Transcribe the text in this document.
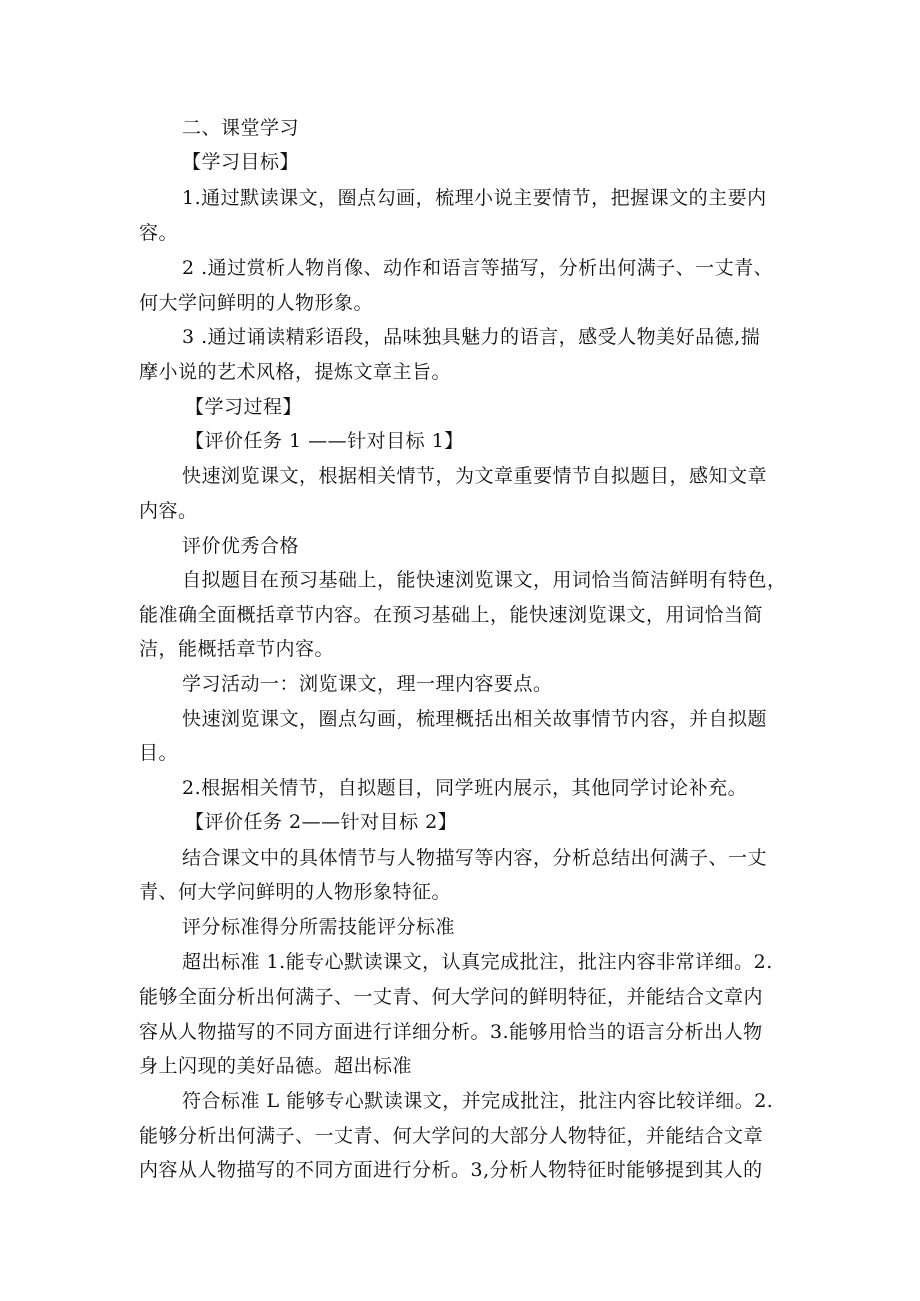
二、课堂学习

【学习目标】

1.通过默读课文，圈点勾画，梳理小说主要情节，把握课文的主要内

容。

2 .通过赏析人物肖像、动作和语言等描写，分析出何满子、一丈青、

何大学问鲜明的人物形象。

3 .通过诵读精彩语段，品味独具魅力的语言，感受人物美好品德,揣

摩小说的艺术风格，提炼文章主旨。

【学习过程】

【评价任务 1 ——针对目标 1】

快速浏览课文，根据相关情节，为文章重要情节自拟题目，感知文章

内容。

评价优秀合格

自拟题目在预习基础上，能快速浏览课文，用词恰当简洁鲜明有特色，

能准确全面概括章节内容。在预习基础上，能快速浏览课文，用词恰当简

洁，能概括章节内容。

学习活动一：浏览课文，理一理内容要点。

快速浏览课文，圈点勾画，梳理概括出相关故事情节内容，并自拟题

目。

2.根据相关情节，自拟题目，同学班内展示，其他同学讨论补充。

【评价任务 2——针对目标 2】

结合课文中的具体情节与人物描写等内容，分析总结出何满子、一丈

青、何大学问鲜明的人物形象特征。

评分标准得分所需技能评分标准

超出标准 1.能专心默读课文，认真完成批注，批注内容非常详细。2.

能够全面分析出何满子、一丈青、何大学问的鲜明特征，并能结合文章内

容从人物描写的不同方面进行详细分析。3.能够用恰当的语言分析出人物

身上闪现的美好品德。超出标准

符合标准 L 能够专心默读课文，并完成批注，批注内容比较详细。2.

能够分析出何满子、一丈青、何大学问的大部分人物特征，并能结合文章

内容从人物描写的不同方面进行分析。3,分析人物特征时能够提到其人的
